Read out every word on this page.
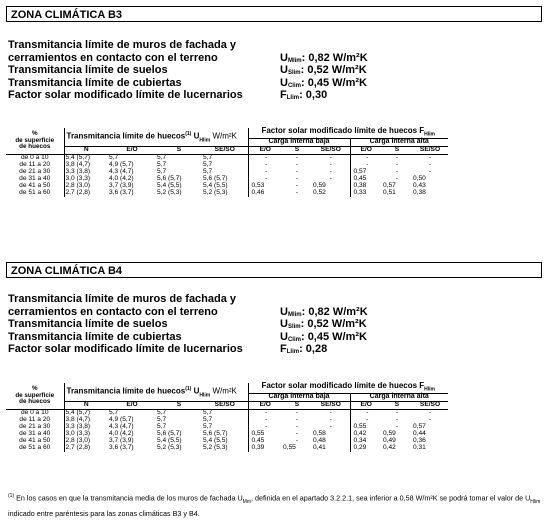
ZONA CLIMÁTICA B3
Transmitancia límite de muros de fachada y
cerramientos en contacto con el terreno	$U_{Mlim}$: 0,82 W/m²K
Transmitancia límite de suelos	$U_{Slim}$: 0,52 W/m²K
Transmitancia límite de cubiertas	$U_{Clim}$: 0,45 W/m²K
Factor solar modificado límite de lucernarios	$F_{Llim}$: 0,30
%
de superficie
de huecos	Transmitancia límite de huecos$^{(1)}$ $U_{Hlim}$ W/m²K				Factor solar modificado límite de huecos $F_{Hlim}$
					Carga interna baja			Carga interna alta		
	N	E/O	S	SE/SO	E/O	S	SE/SO	E/O	S	SE/SO
de 0 a 10	5,4 (5,7)	5,7	5,7	5,7	-	-	-	-	-	-
de 11 a 20	3,8 (4,7)	4,9 (5,7)	5,7	5,7	-	-	-	-	-	-
de 21 a 30	3,3 (3,8)	4,3 (4,7)	5,7	5,7	-	-	-	0,57	-	-
de 31 a 40	3,0 (3,3)	4,0 (4,2)	5,6 (5,7)	5,6 (5,7)	-	-	-	0,45	-	0,50
de 41 a 50	2,8 (3,0)	3,7 (3,9)	5,4 (5,5)	5,4 (5,5)	0,53	-	0,59	0,38	0,57	0,43
de 51 a 60	2,7 (2,8)	3,6 (3,7)	5,2 (5,3)	5,2 (5,3)	0,46	-	0,52	0,33	0,51	0,38
ZONA CLIMÁTICA B4
Transmitancia límite de muros de fachada y
cerramientos en contacto con el terreno	$U_{Mlim}$: 0,82 W/m²K
Transmitancia límite de suelos	$U_{Slim}$: 0,52 W/m²K
Transmitancia límite de cubiertas	$U_{Clim}$: 0,45 W/m²K
Factor solar modificado límite de lucernarios	$F_{Llim}$: 0,28
%
de superficie
de huecos	Transmitancia límite de huecos$^{(1)}$ $U_{Hlim}$ W/m²K				Factor solar modificado límite de huecos $F_{Hlim}$
					Carga interna baja			Carga interna alta		
	N	E/O	S	SE/SO	E/O	S	SE/SO	E/O	S	SE/SO
de 0 a 10	5,4 (5,7)	5,7	5,7	5,7	-	-	-	-	-	-
de 11 a 20	3,8 (4,7)	4,9 (5,7)	5,7	5,7	-	-	-	-	-	-
de 21 a 30	3,3 (3,8)	4,3 (4,7)	5,7	5,7	-	-	-	0,55	-	0,57
de 31 a 40	3,0 (3,3)	4,0 (4,2)	5,6 (5,7)	5,6 (5,7)	0,55	-	0,58	0,42	0,59	0,44
de 41 a 50	2,8 (3,0)	3,7 (3,9)	5,4 (5,5)	5,4 (5,5)	0,45	-	0,48	0,34	0,49	0,36
de 51 a 60	2,7 (2,8)	3,6 (3,7)	5,2 (5,3)	5,2 (5,3)	0,39	0,55	0,41	0,29	0,42	0,31
$^{(1)}$ En los casos en que la transmitancia media de los muros de fachada $U_{Mm}$, definida en el apartado 3.2.2.1, sea inferior a 0,58 W/m²K se podrá tomar el valor de $U_{Hlim}$ indicado entre paréntesis para las zonas climáticas B3 y B4.
